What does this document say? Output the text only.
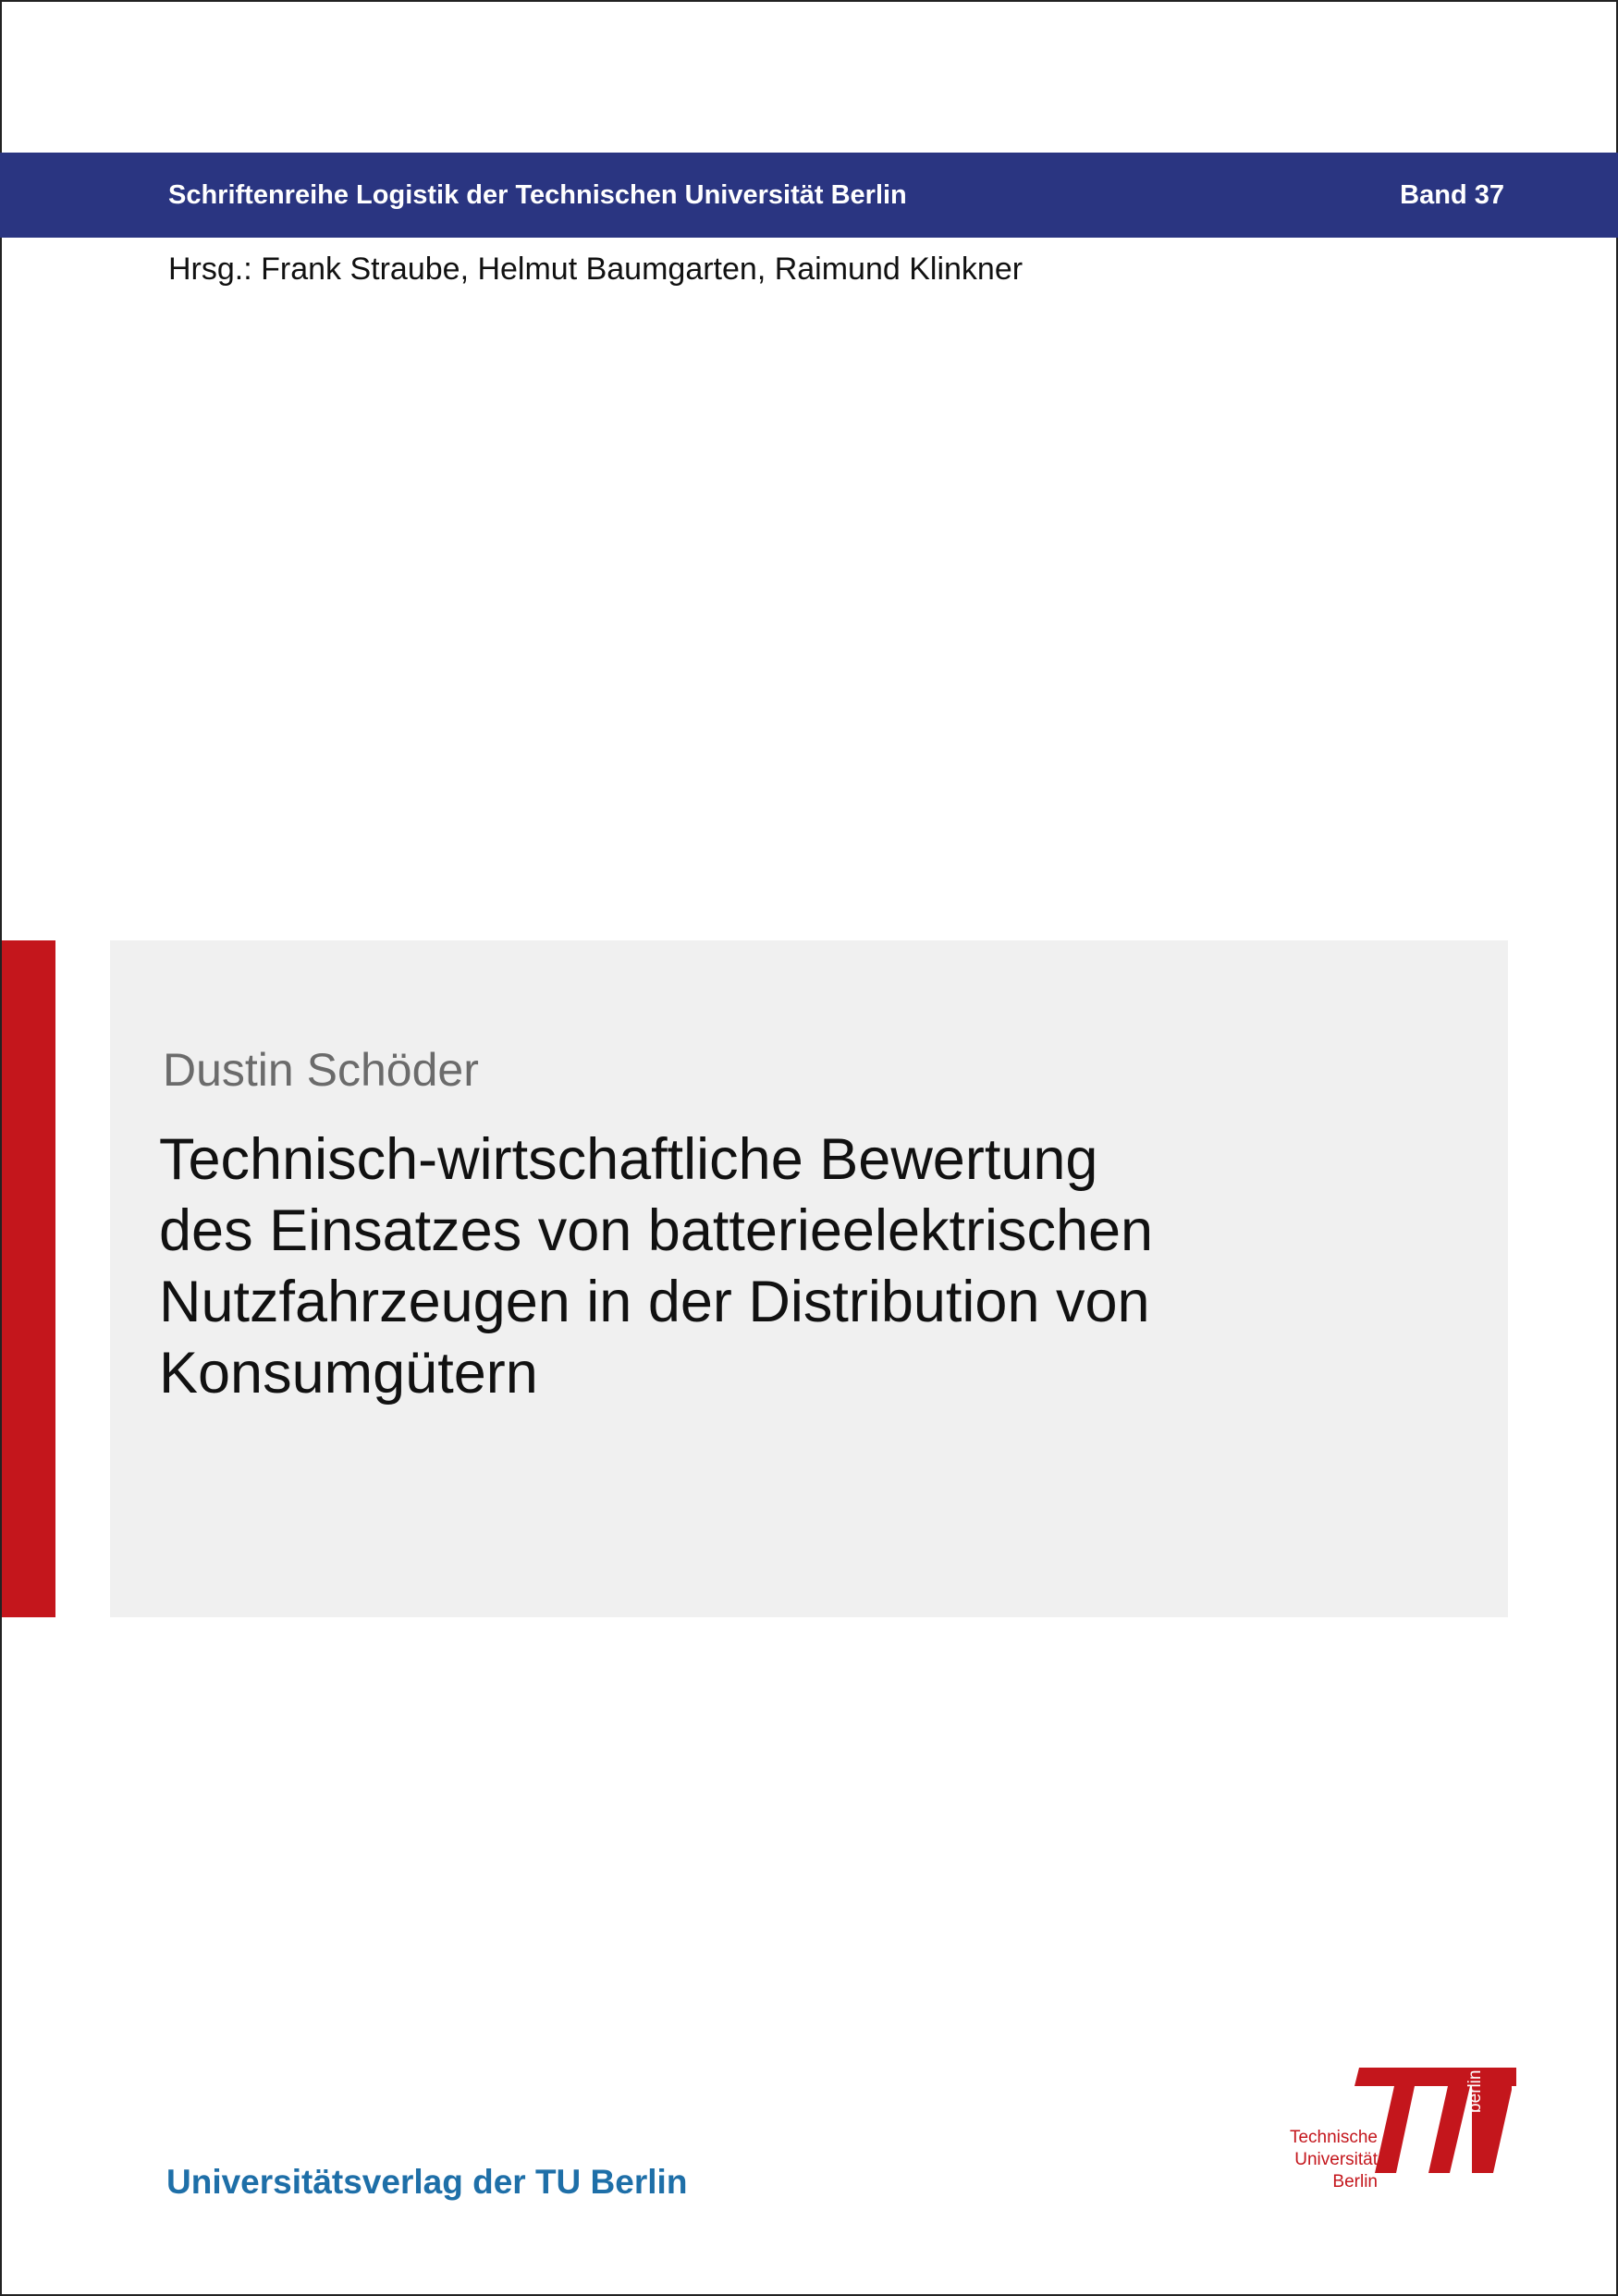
Schriftenreihe Logistik der Technischen Universität Berlin	Band 37
Hrsg.: Frank Straube, Helmut Baumgarten, Raimund Klinkner
Dustin Schöder
Technisch-wirtschaftliche Bewertung
des Einsatzes von batterieelektrischen
Nutzfahrzeugen in der Distribution von
Konsumgütern
Universitätsverlag der TU Berlin
Technische
Universität
Berlin
berlin
